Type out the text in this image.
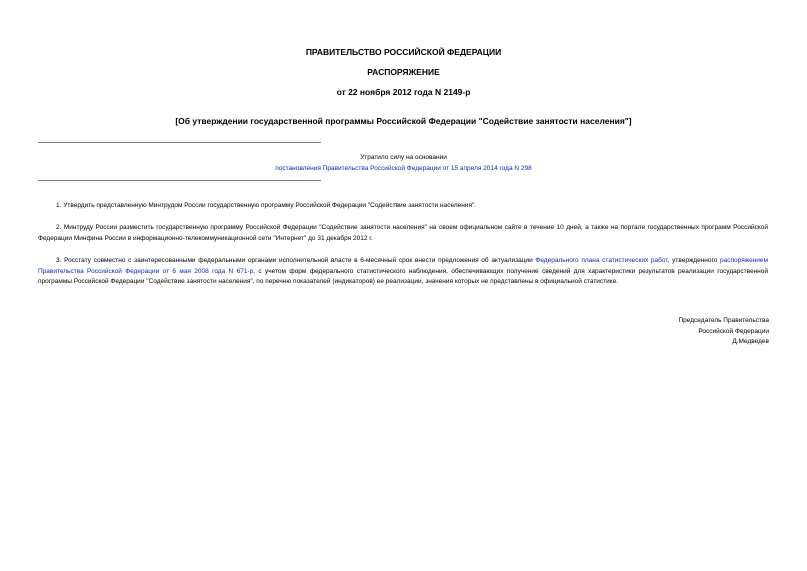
ПРАВИТЕЛЬСТВО РОССИЙСКОЙ ФЕДЕРАЦИИ
РАСПОРЯЖЕНИЕ
от 22 ноября 2012 года N 2149-р
[Об утверждении государственной программы Российской Федерации "Содействие занятости населения"]
Утратило силу на основании
постановления Правительства Российской Федерации от 15 апреля 2014 года N 298
1. Утвердить представленную Минтрудом России государственную программу Российской Федерации "Содействие занятости населения".
2. Минтруду России разместить государственную программу Российской Федерации "Содействие занятости населения" на своем официальном сайте в течение 10 дней, а также на портале государственных программ Российской Федерации Минфина России в информационно-телекоммуникационной сети "Интернет" до 31 декабря 2012 г.
3. Росстату совместно с заинтересованными федеральными органами исполнительной власти в 6-месячный срок внести предложения об актуализации Федерального плана статистических работ, утвержденного распоряжением Правительства Российской Федерации от 6 мая 2008 года N 671-р, с учетом форм федерального статистического наблюдения, обеспечивающих получение сведений для характеристики результатов реализации государственной программы Российской Федерации "Содействие занятости населения", по перечню показателей (индикаторов) ее реализации, значения которых не представлены в официальной статистике.
Председатель Правительства
Российской Федерации
Д.Медведев
